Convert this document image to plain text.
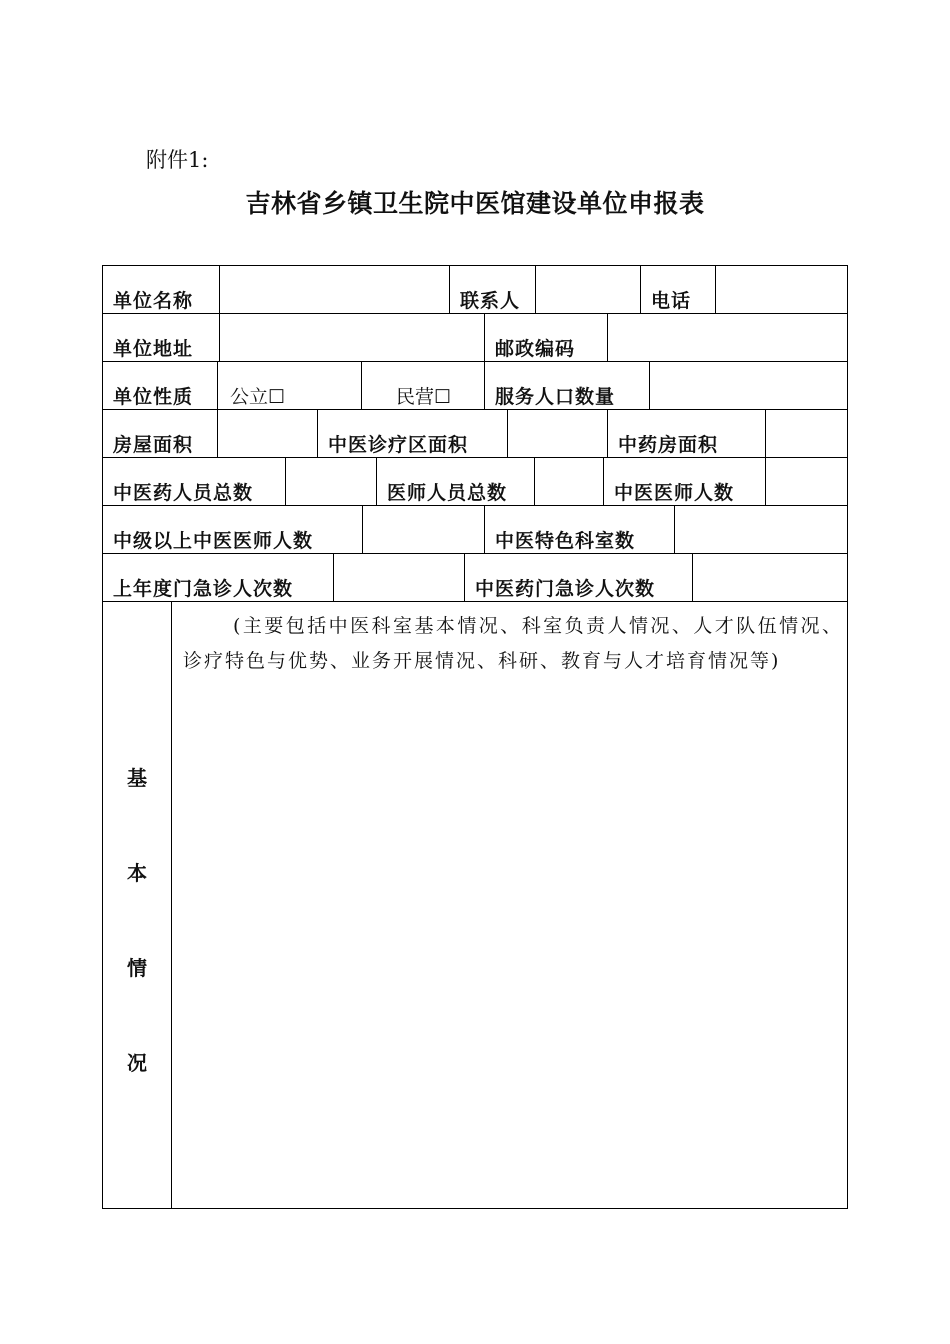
附件1:
吉林省乡镇卫生院中医馆建设单位申报表
单位名称	联系人	电话
单位地址	邮政编码
单位性质 公立☐	民营☐ 服务人口数量
房屋面积	中医诊疗区面积	中药房面积
中医药人员总数	医师人员总数	中医医师人数
中级以上中医医师人数	中医特色科室数
上年度门急诊人次数	中医药门急诊人次数
基
本
情
况
(主要包括中医科室基本情况、科室负责人情况、人才队伍情况、诊疗特色与优势、业务开展情况、科研、教育与人才培育情况等)
